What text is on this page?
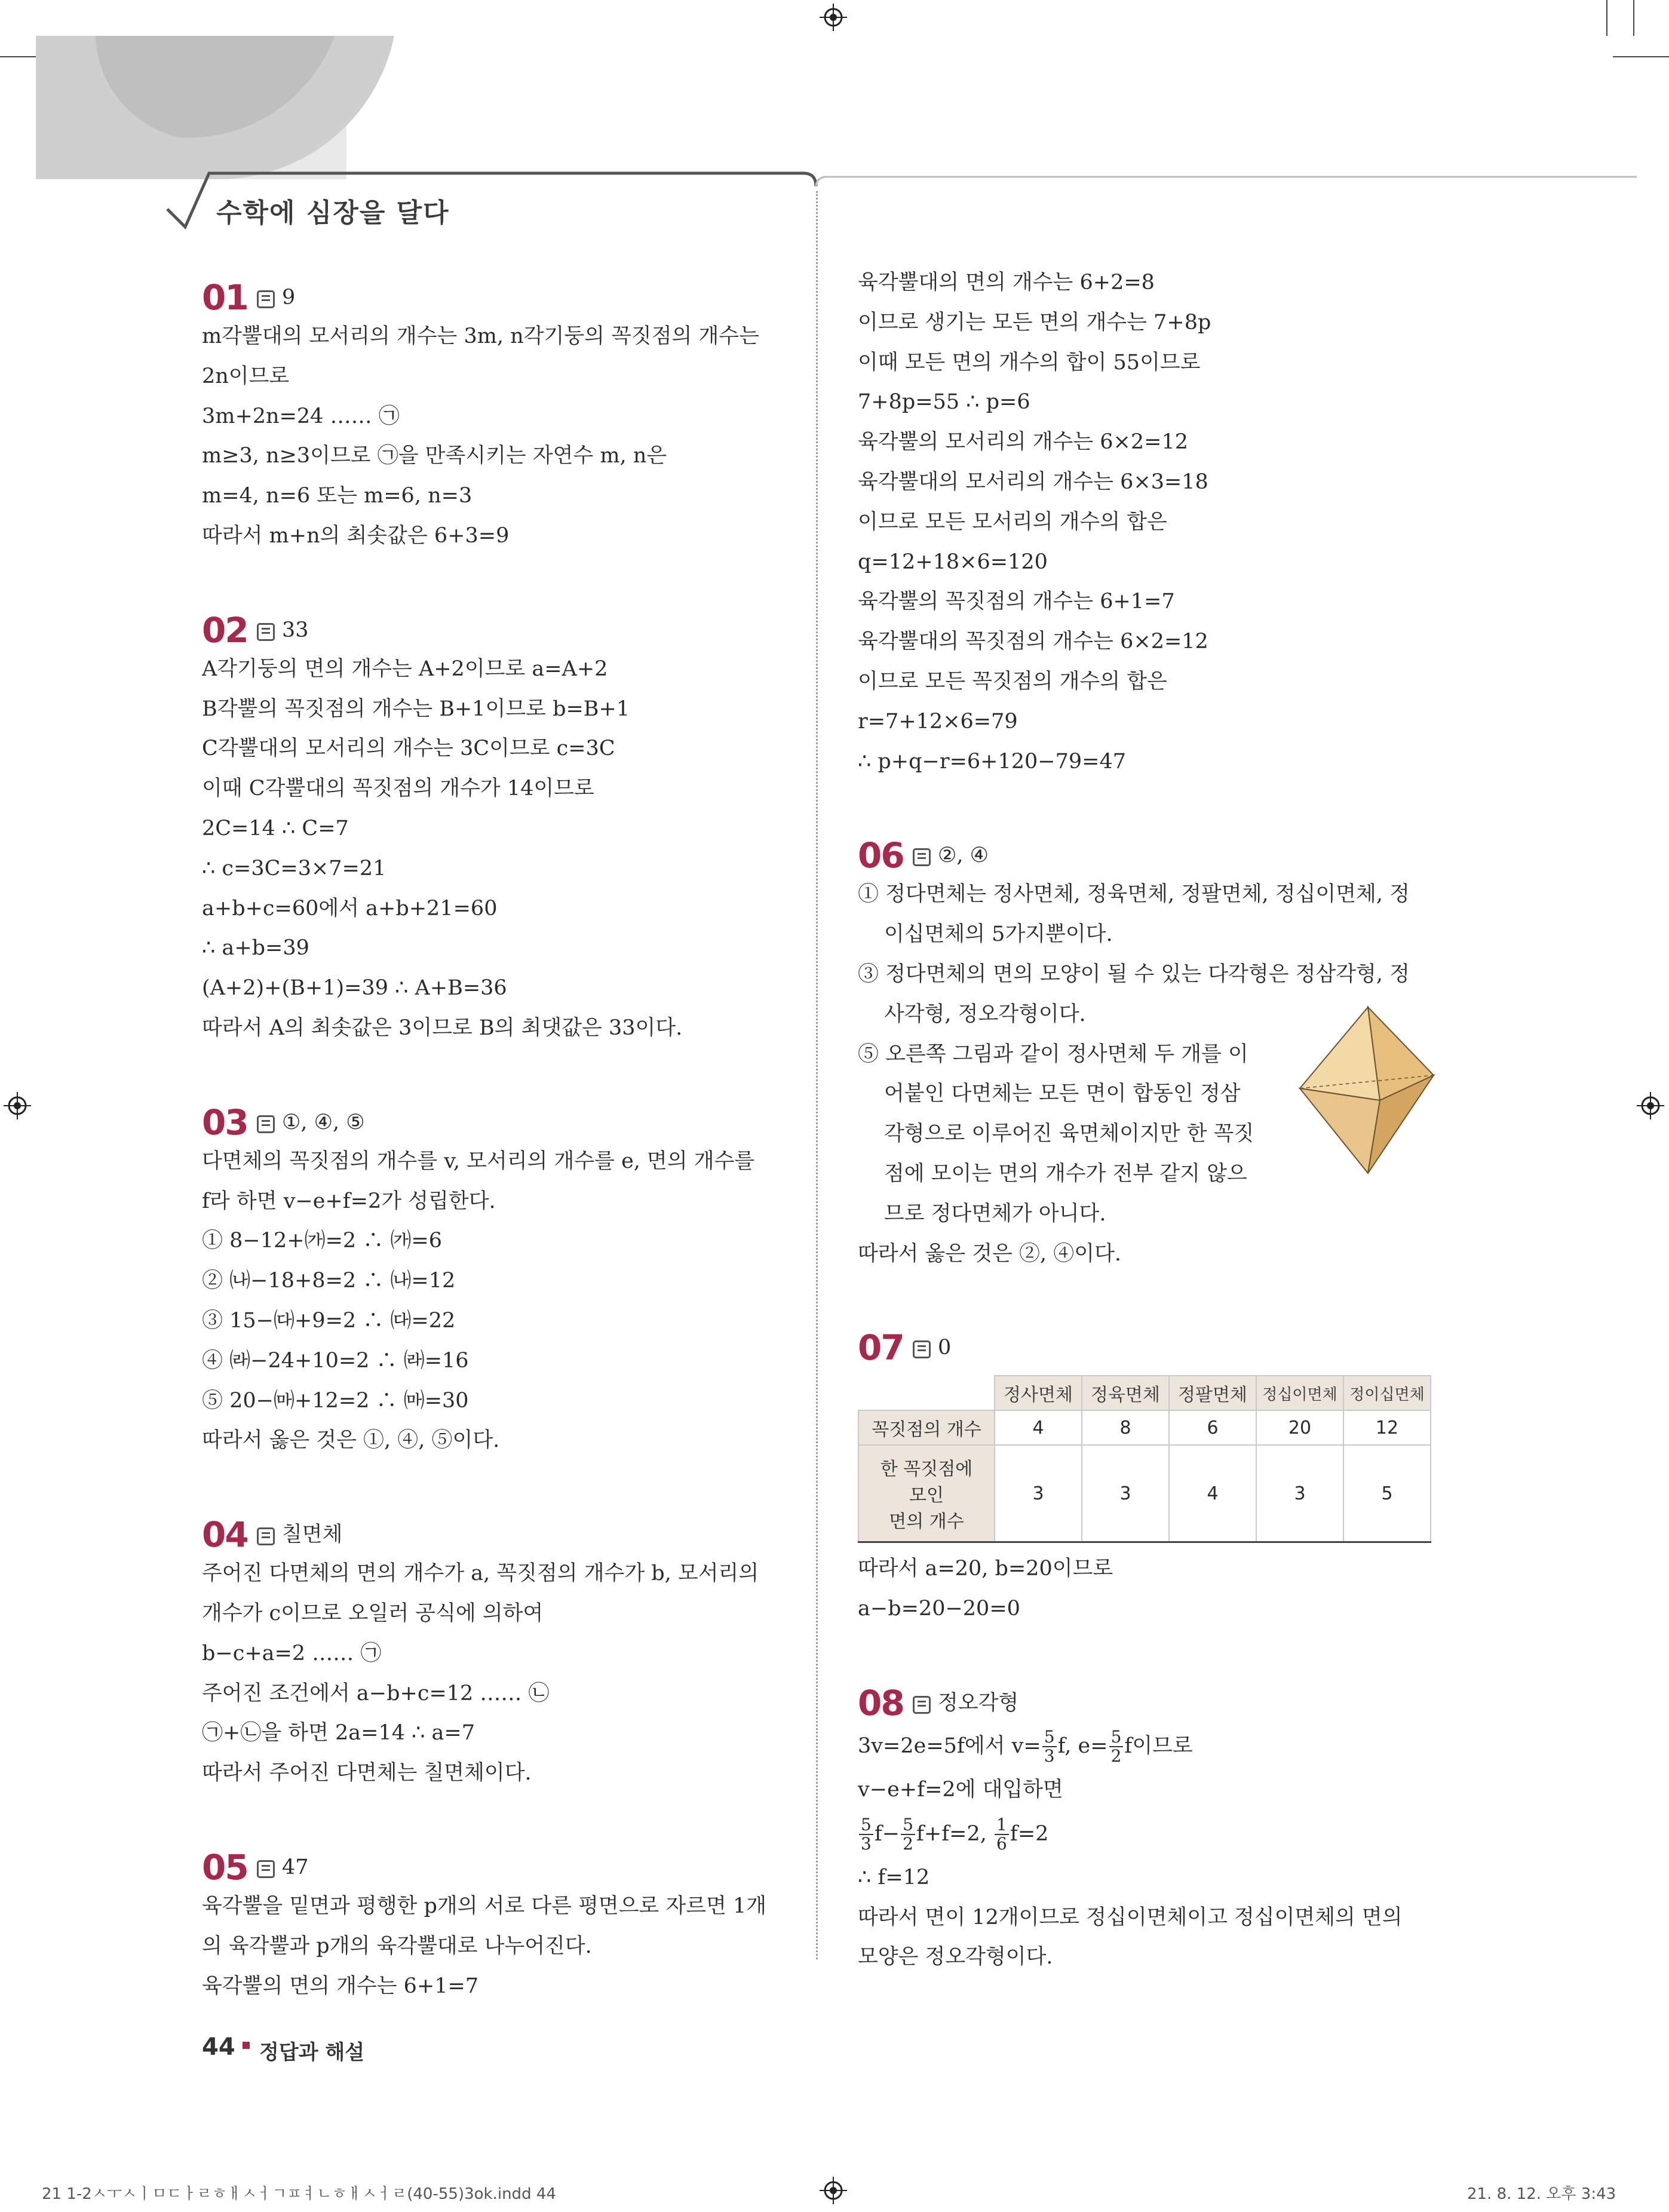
수학에 심장을 달다
01	9
m각뿔대의 모서리의 개수는 3m, n각기둥의 꼭짓점의 개수는
2n이므로
3m+2n=24 …… ㉠
m≥3, n≥3이므로 ㉠을 만족시키는 자연수 m, n은
m=4, n=6 또는 m=6, n=3
따라서 m+n의 최솟값은 6+3=9
02	33
A각기둥의 면의 개수는 A+2이므로 a=A+2
B각뿔의 꼭짓점의 개수는 B+1이므로 b=B+1
C각뿔대의 모서리의 개수는 3C이므로 c=3C
이때 C각뿔대의 꼭짓점의 개수가 14이므로
2C=14 ∴ C=7
∴ c=3C=3×7=21
a+b+c=60에서 a+b+21=60
∴ a+b=39
(A+2)+(B+1)=39 ∴ A+B=36
따라서 A의 최솟값은 3이므로 B의 최댓값은 33이다.
03	①, ④, ⑤
다면체의 꼭짓점의 개수를 v, 모서리의 개수를 e, 면의 개수를
f라 하면 v−e+f=2가 성립한다.
① 8−12+㈎=2 ∴ ㈎=6
② ㈏−18+8=2 ∴ ㈏=12
③ 15−㈐+9=2 ∴ ㈐=22
④ ㈑−24+10=2 ∴ ㈑=16
⑤ 20−㈒+12=2 ∴ ㈒=30
따라서 옳은 것은 ①, ④, ⑤이다.
04	칠면체
주어진 다면체의 면의 개수가 a, 꼭짓점의 개수가 b, 모서리의
개수가 c이므로 오일러 공식에 의하여
b−c+a=2 …… ㉠
주어진 조건에서 a−b+c=12 …… ㉡
㉠+㉡을 하면 2a=14 ∴ a=7
따라서 주어진 다면체는 칠면체이다.
05	47
육각뿔을 밑면과 평행한 p개의 서로 다른 평면으로 자르면 1개
의 육각뿔과 p개의 육각뿔대로 나누어진다.
육각뿔의 면의 개수는 6+1=7
육각뿔대의 면의 개수는 6+2=8
이므로 생기는 모든 면의 개수는 7+8p
이때 모든 면의 개수의 합이 55이므로
7+8p=55 ∴ p=6
육각뿔의 모서리의 개수는 6×2=12
육각뿔대의 모서리의 개수는 6×3=18
이므로 모든 모서리의 개수의 합은
q=12+18×6=120
육각뿔의 꼭짓점의 개수는 6+1=7
육각뿔대의 꼭짓점의 개수는 6×2=12
이므로 모든 꼭짓점의 개수의 합은
r=7+12×6=79
∴ p+q−r=6+120−79=47
06	②, ④
① 정다면체는 정사면체, 정육면체, 정팔면체, 정십이면체, 정
이십면체의 5가지뿐이다.
③ 정다면체의 면의 모양이 될 수 있는 다각형은 정삼각형, 정
사각형, 정오각형이다.
⑤ 오른쪽 그림과 같이 정사면체 두 개를 이
어붙인 다면체는 모든 면이 합동인 정삼
각형으로 이루어진 육면체이지만 한 꼭짓
점에 모이는 면의 개수가 전부 같지 않으
므로 정다면체가 아니다.
따라서 옳은 것은 ②, ④이다.
07	0
	정사면체	정육면체	정팔면체	정십이면체	정이십면체
꼭짓점의 개수	4	8	6	20	12

한 꼭짓점에
모인
면의 개수	3	3	4	3	5
따라서 a=20, b=20이므로
a−b=20−20=0
08	정오각형
3v=2e=5f에서 $v= \frac{5}{3} f$, $e= \frac{5}{2}$ f이므로
v−e+f=2에 대입하면
$\frac{5}{3} f- \frac{5}{2} f+f=2$, $\frac{1}{6} f=2$
∴ f=12
따라서 면이 12개이므로 정십이면체이고 정십이면체의 면의
모양은 정오각형이다.
44 정답과 해설
21 1-2ㅅㅜㅅㅣㅁㄷㅏㄹㅎㅐㅅㅓㄱㅍㅕㄴㅎㅐㅅㅓㄹ(40-55)3ok.indd 44	21. 8. 12. 오후 3:43
